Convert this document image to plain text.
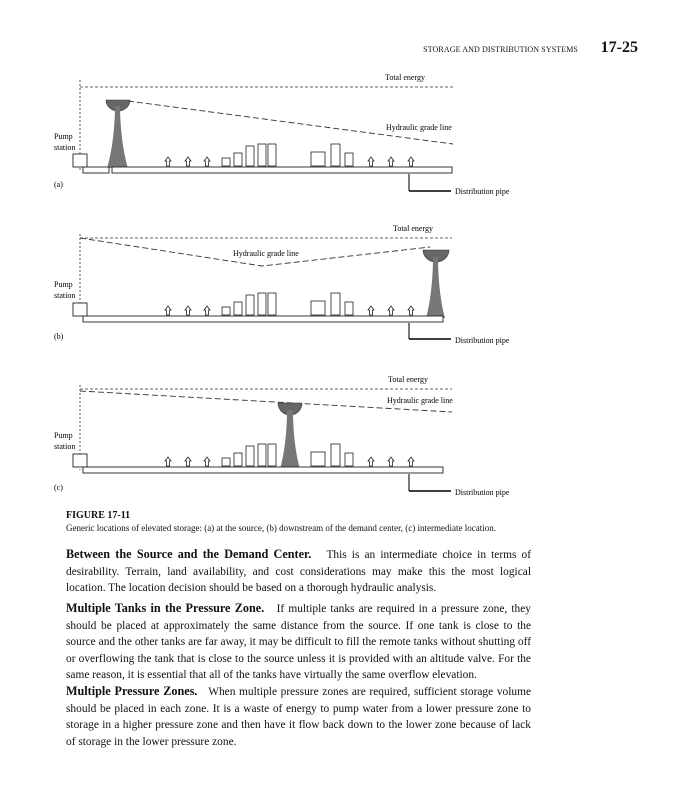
STORAGE AND DISTRIBUTION SYSTEMS 17-25
Total energy
Hydraulic grade line
Pump
station
(a)
Distribution pipe
Total energy
Hydraulic grade line
Pump
station
(b)	Distribution pipe
Total energy
Hydraulic grade line
Pump
station
(c)
Distribution pipe
FIGURE 17-11
Generic locations of elevated storage: (a) at the source, (b) downstream of the demand center, (c) intermediate location.
Between the Source and the Demand Center. This is an intermediate choice in terms of desirability. Terrain, land availability, and cost considerations may make this the most logical location. The location decision should be based on a thorough hydraulic analysis.
Multiple Tanks in the Pressure Zone. If multiple tanks are required in a pressure zone, they should be placed at approximately the same distance from the source. If one tank is close to the source and the other tanks are far away, it may be difficult to fill the remote tanks without shutting off or overflowing the tank that is close to the source unless it is provided with an altitude valve. For the same reason, it is essential that all of the tanks have virtually the same overflow elevation.
Multiple Pressure Zones. When multiple pressure zones are required, sufficient storage volume should be placed in each zone. It is a waste of energy to pump water from a lower pressure zone to storage in a higher pressure zone and then have it flow back down to the lower zone because of lack of storage in the lower pressure zone.
